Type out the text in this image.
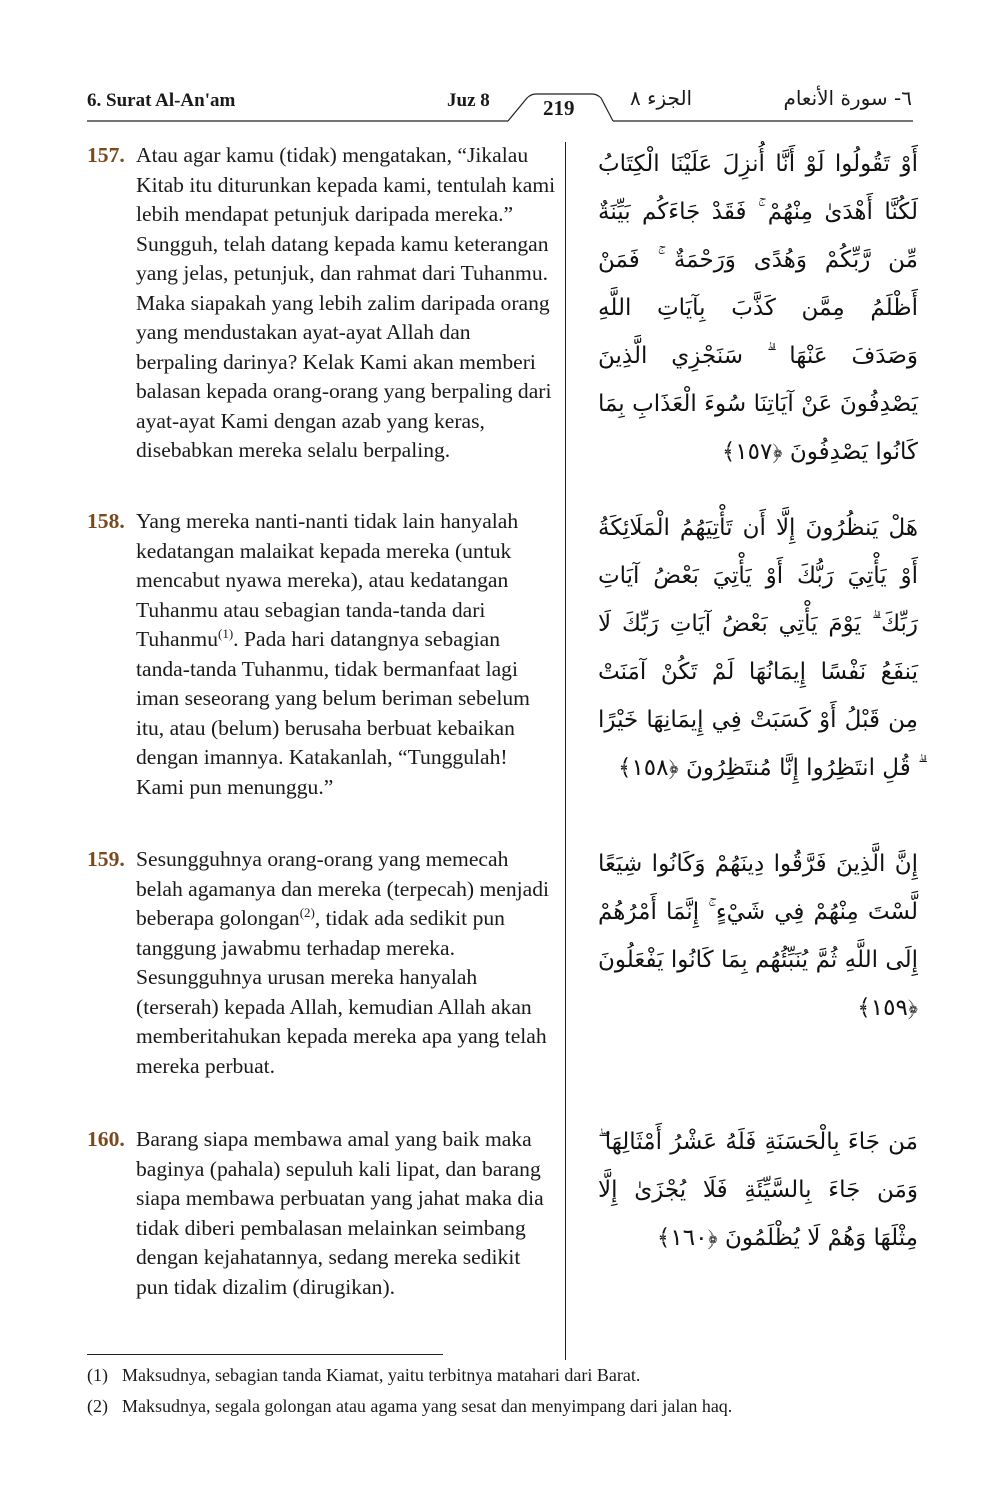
6. Surat Al-An'am	Juz 8	219	الجزء ٨	٦- سورة الأنعام
157. Atau agar kamu (tidak) mengatakan, “Jikalau Kitab itu diturunkan kepada kami, tentulah kami lebih mendapat petunjuk daripada mereka.” Sungguh, telah datang kepada kamu keterangan yang jelas, petunjuk, dan rahmat dari Tuhanmu. Maka siapakah yang lebih zalim daripada orang yang mendustakan ayat-ayat Allah dan berpaling darinya? Kelak Kami akan memberi balasan kepada orang-orang yang berpaling dari ayat-ayat Kami dengan azab yang keras, disebabkan mereka selalu berpaling.
أَوْ تَقُولُوا لَوْ أَنَّا أُنزِلَ عَلَيْنَا الْكِتَابُ لَكُنَّا أَهْدَىٰ مِنْهُمْ ۚ فَقَدْ جَاءَكُم بَيِّنَةٌ مِّن رَّبِّكُمْ وَهُدًى وَرَحْمَةٌ ۚ فَمَنْ أَظْلَمُ مِمَّن كَذَّبَ بِآيَاتِ اللَّهِ وَصَدَفَ عَنْهَا ۗ سَنَجْزِي الَّذِينَ يَصْدِفُونَ عَنْ آيَاتِنَا سُوءَ الْعَذَابِ بِمَا كَانُوا يَصْدِفُونَ ﴿١٥٧﴾
158. Yang mereka nanti-nanti tidak lain hanyalah kedatangan malaikat kepada mereka (untuk mencabut nyawa mereka), atau kedatangan Tuhanmu atau sebagian tanda-tanda dari Tuhanmu$^{(1)}$. Pada hari datangnya sebagian tanda-tanda Tuhanmu, tidak bermanfaat lagi iman seseorang yang belum beriman sebelum itu, atau (belum) berusaha berbuat kebaikan dengan imannya. Katakanlah, “Tunggulah! Kami pun menunggu.”
هَلْ يَنظُرُونَ إِلَّا أَن تَأْتِيَهُمُ الْمَلَائِكَةُ أَوْ يَأْتِيَ رَبُّكَ أَوْ يَأْتِيَ بَعْضُ آيَاتِ رَبِّكَ ۗ يَوْمَ يَأْتِي بَعْضُ آيَاتِ رَبِّكَ لَا يَنفَعُ نَفْسًا إِيمَانُهَا لَمْ تَكُنْ آمَنَتْ مِن قَبْلُ أَوْ كَسَبَتْ فِي إِيمَانِهَا خَيْرًا ۗ قُلِ انتَظِرُوا إِنَّا مُنتَظِرُونَ ﴿١٥٨﴾
159. Sesungguhnya orang-orang yang memecah belah agamanya dan mereka (terpecah) menjadi beberapa golongan$^{(2)}$, tidak ada sedikit pun tanggung jawabmu terhadap mereka. Sesungguhnya urusan mereka hanyalah (terserah) kepada Allah, kemudian Allah akan memberitahukan kepada mereka apa yang telah mereka perbuat.
إِنَّ الَّذِينَ فَرَّقُوا دِينَهُمْ وَكَانُوا شِيَعًا لَّسْتَ مِنْهُمْ فِي شَيْءٍ ۚ إِنَّمَا أَمْرُهُمْ إِلَى اللَّهِ ثُمَّ يُنَبِّئُهُم بِمَا كَانُوا يَفْعَلُونَ ﴿١٥٩﴾
160. Barang siapa membawa amal yang baik maka baginya (pahala) sepuluh kali lipat, dan barang siapa membawa perbuatan yang jahat maka dia tidak diberi pembalasan melainkan seimbang dengan kejahatannya, sedang mereka sedikit pun tidak dizalim (dirugikan).
مَن جَاءَ بِالْحَسَنَةِ فَلَهُ عَشْرُ أَمْثَالِهَا ۖ وَمَن جَاءَ بِالسَّيِّئَةِ فَلَا يُجْزَىٰ إِلَّا مِثْلَهَا وَهُمْ لَا يُظْلَمُونَ ﴿١٦٠﴾
(1) Maksudnya, sebagian tanda Kiamat, yaitu terbitnya matahari dari Barat.
(2) Maksudnya, segala golongan atau agama yang sesat dan menyimpang dari jalan haq.
